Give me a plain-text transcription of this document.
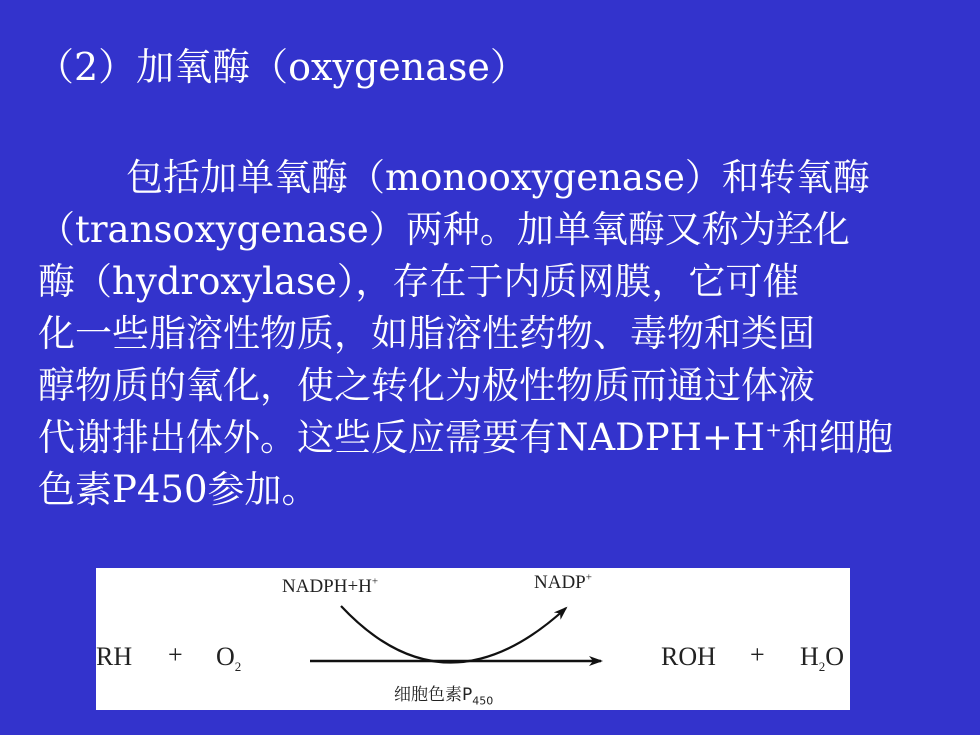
（2）加氧酶（oxygenase）
包括加单氧酶（monooxygenase）和转氧酶
（transoxygenase）两种。加单氧酶又称为羟化
酶（hydroxylase），存在于内质网膜，它可催
化一些脂溶性物质，如脂溶性药物、毒物和类固
醇物质的氧化，使之转化为极性物质而通过体液
代谢排出体外。这些反应需要有NADPH+H+和细胞
色素P450参加。
NADPH+H+	NADP+
RH + $O_2$	ROH + $H_2O$
细胞色素$P_{450}$
